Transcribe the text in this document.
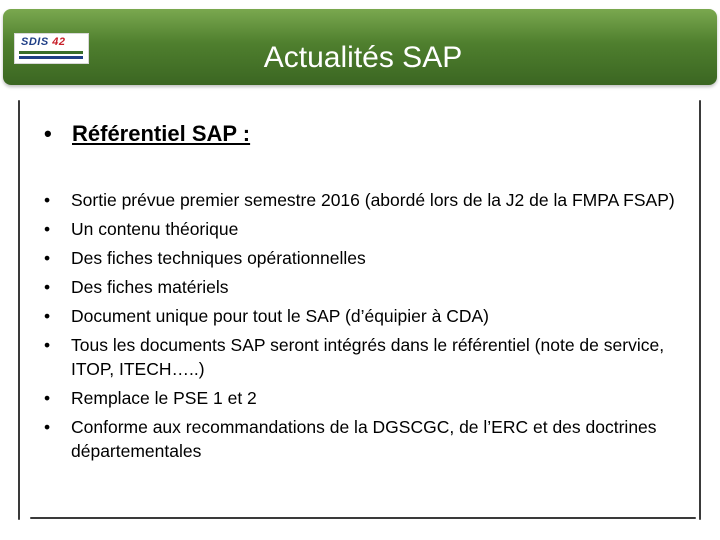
SDIS 42	Actualités SAP
• Référentiel SAP :
• Sortie prévue premier semestre 2016 (abordé lors de la J2 de la FMPA FSAP)
• Un contenu théorique
• Des fiches techniques opérationnelles
• Des fiches matériels
• Document unique pour tout le SAP (d’équipier à CDA)
• Tous les documents SAP seront intégrés dans le référentiel (note de service, ITOP, ITECH…..)
• Remplace le PSE 1 et 2
• Conforme aux recommandations de la DGSCGC, de l’ERC et des doctrines départementales
